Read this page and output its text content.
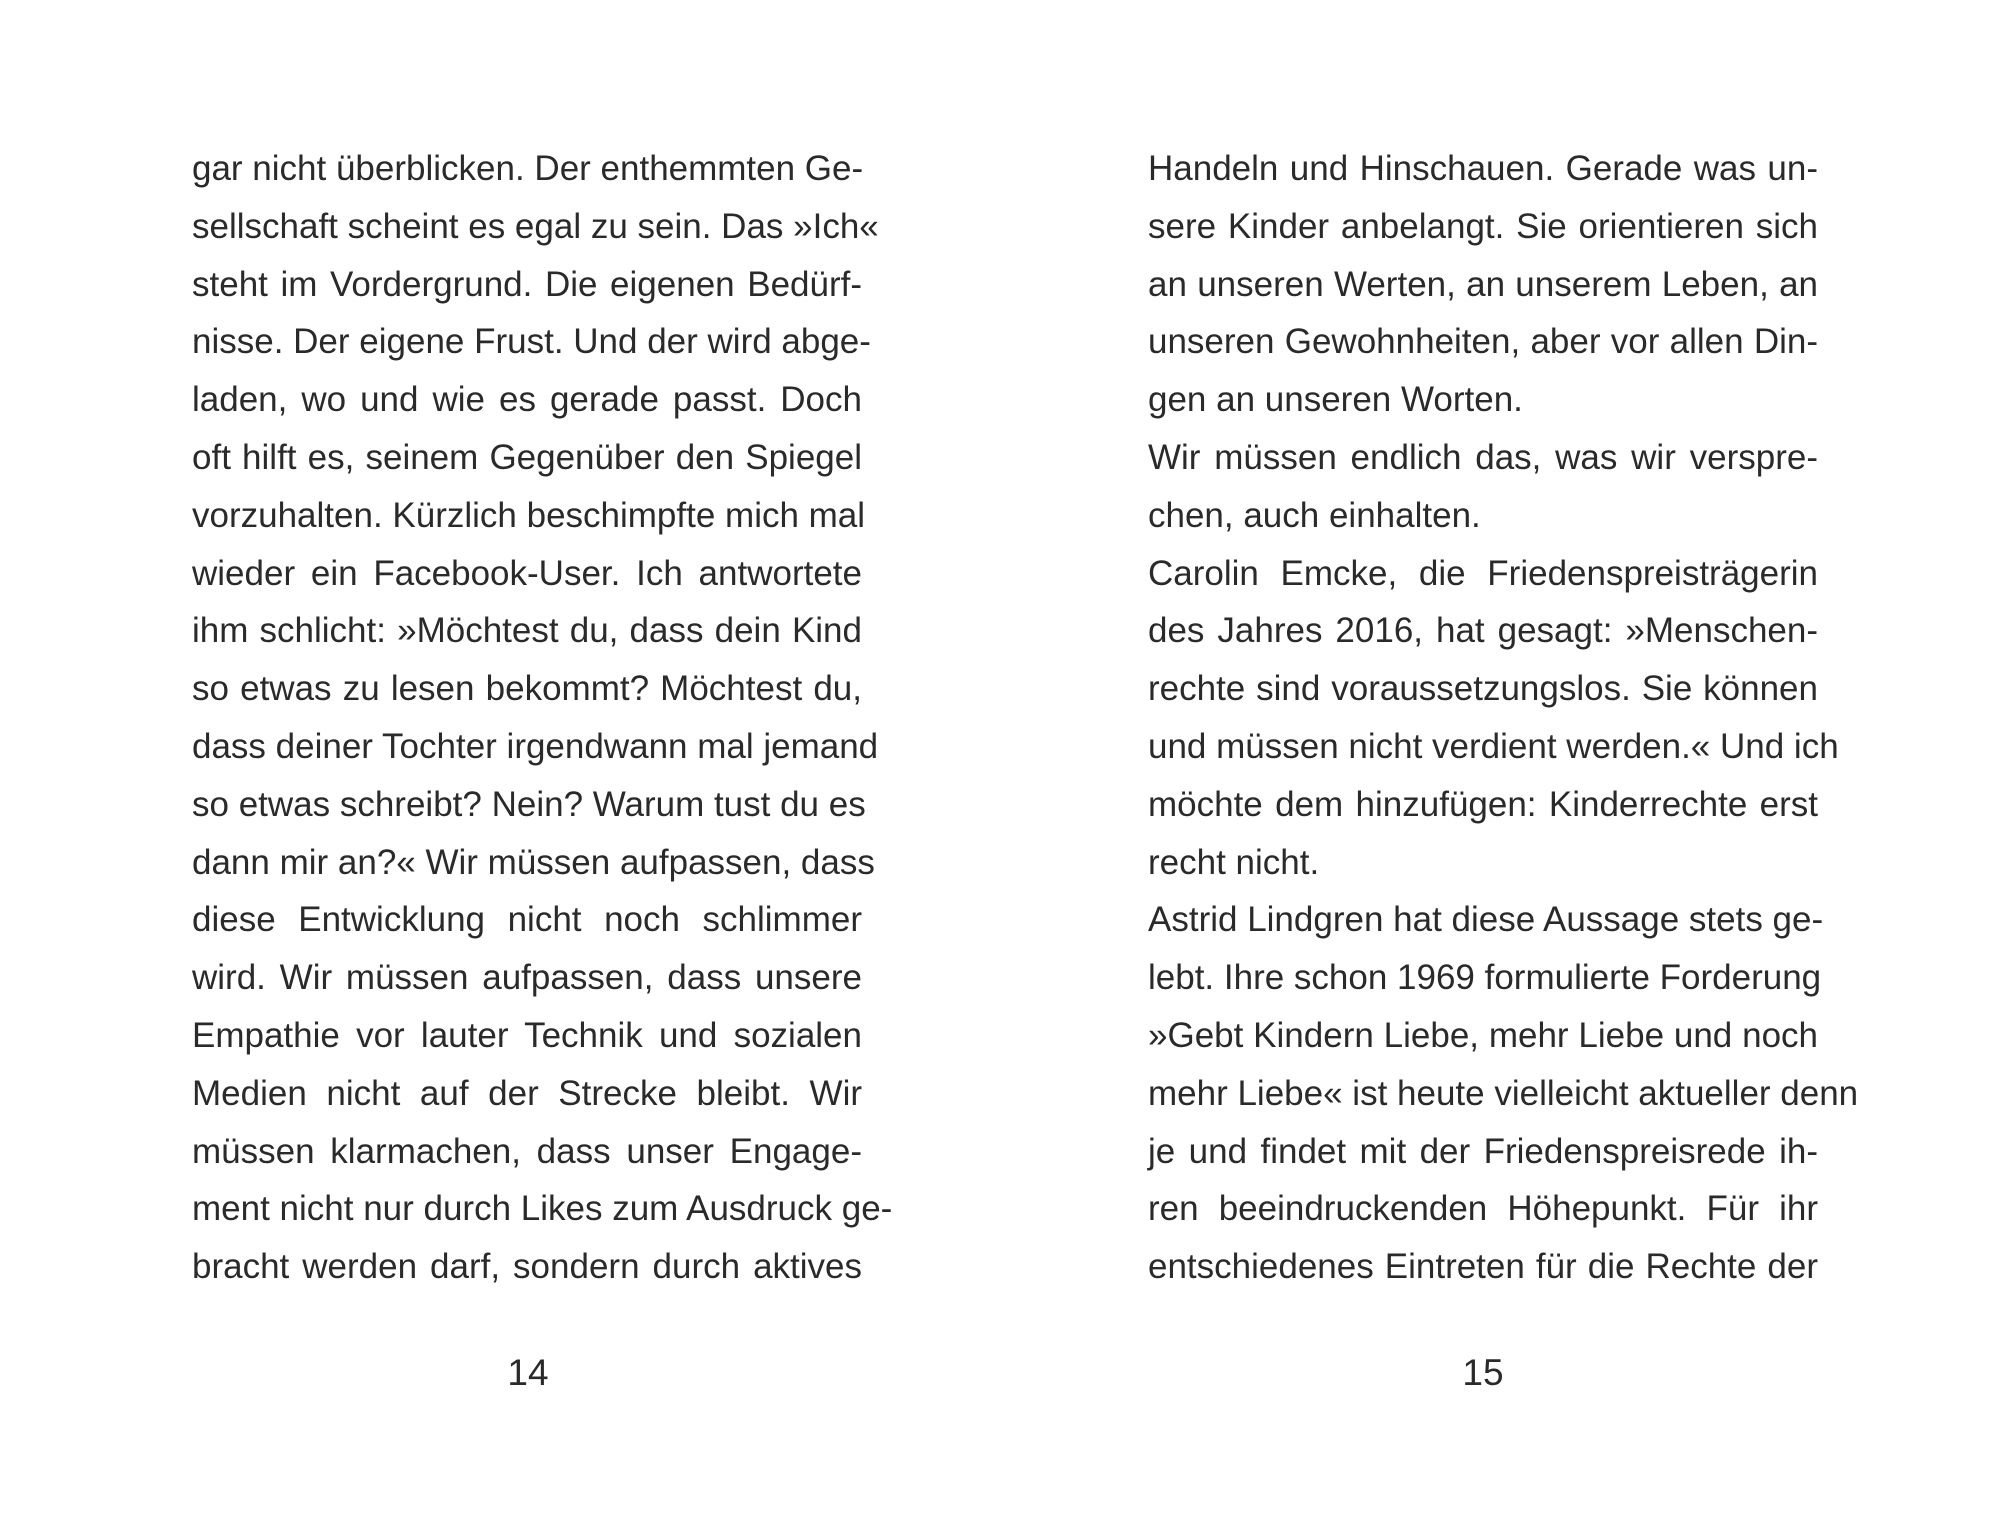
gar nicht überblicken. Der enthemmten Ge-
sellschaft scheint es egal zu sein. Das »Ich«
steht im Vordergrund. Die eigenen Bedürf-
nisse. Der eigene Frust. Und der wird abge-
laden, wo und wie es gerade passt. Doch
oft hilft es, seinem Gegenüber den Spiegel
vorzuhalten. Kürzlich beschimpfte mich mal
wieder ein Facebook-User. Ich antwortete
ihm schlicht: »Möchtest du, dass dein Kind
so etwas zu lesen bekommt? Möchtest du,
dass deiner Tochter irgendwann mal jemand
so etwas schreibt? Nein? Warum tust du es
dann mir an?« Wir müssen aufpassen, dass
diese Entwicklung nicht noch schlimmer
wird. Wir müssen aufpassen, dass unsere
Empathie vor lauter Technik und sozialen
Medien nicht auf der Strecke bleibt. Wir
müssen klarmachen, dass unser Engage-
ment nicht nur durch Likes zum Ausdruck ge-
bracht werden darf, sondern durch aktives
14
Handeln und Hinschauen. Gerade was un-
sere Kinder anbelangt. Sie orientieren sich
an unseren Werten, an unserem Leben, an
unseren Gewohnheiten, aber vor allen Din-
gen an unseren Worten.
Wir müssen endlich das, was wir verspre-
chen, auch einhalten.
Carolin Emcke, die Friedenspreisträgerin
des Jahres 2016, hat gesagt: »Menschen-
rechte sind voraussetzungslos. Sie können
und müssen nicht verdient werden.« Und ich
möchte dem hinzufügen: Kinderrechte erst
recht nicht.
Astrid Lindgren hat diese Aussage stets ge-
lebt. Ihre schon 1969 formulierte Forderung
»Gebt Kindern Liebe, mehr Liebe und noch
mehr Liebe« ist heute vielleicht aktueller denn
je und findet mit der Friedenspreisrede ih-
ren beeindruckenden Höhepunkt. Für ihr
entschiedenes Eintreten für die Rechte der
15
